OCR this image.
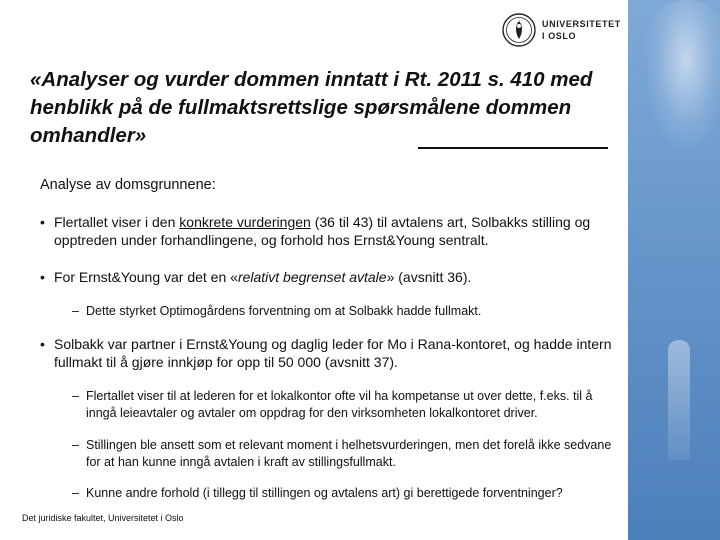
UNIVERSITETET
I OSLO
«Analyser og vurder dommen inntatt i Rt. 2011 s. 410 med henblikk på de fullmaktsrettslige spørsmålene dommen omhandler»
Analyse av domsgrunnene:
• Flertallet viser i den konkrete vurderingen (36 til 43) til avtalens art, Solbakks stilling og opptreden under forhandlingene, og forhold hos Ernst&Young sentralt.
• For Ernst&Young var det en «relativt begrenset avtale» (avsnitt 36).
– Dette styrket Optimogårdens forventning om at Solbakk hadde fullmakt.
• Solbakk var partner i Ernst&Young og daglig leder for Mo i Rana-kontoret, og hadde intern fullmakt til å gjøre innkjøp for opp til 50 000 (avsnitt 37).
– Flertallet viser til at lederen for et lokalkontor ofte vil ha kompetanse ut over dette, f.eks. til å inngå leieavtaler og avtaler om oppdrag for den virksomheten lokalkontoret driver.
– Stillingen ble ansett som et relevant moment i helhetsvurderingen, men det forelå ikke sedvane for at han kunne inngå avtalen i kraft av stillingsfullmakt.
– Kunne andre forhold (i tillegg til stillingen og avtalens art) gi berettigede forventninger?
Det juridiske fakultet, Universitetet i Oslo
